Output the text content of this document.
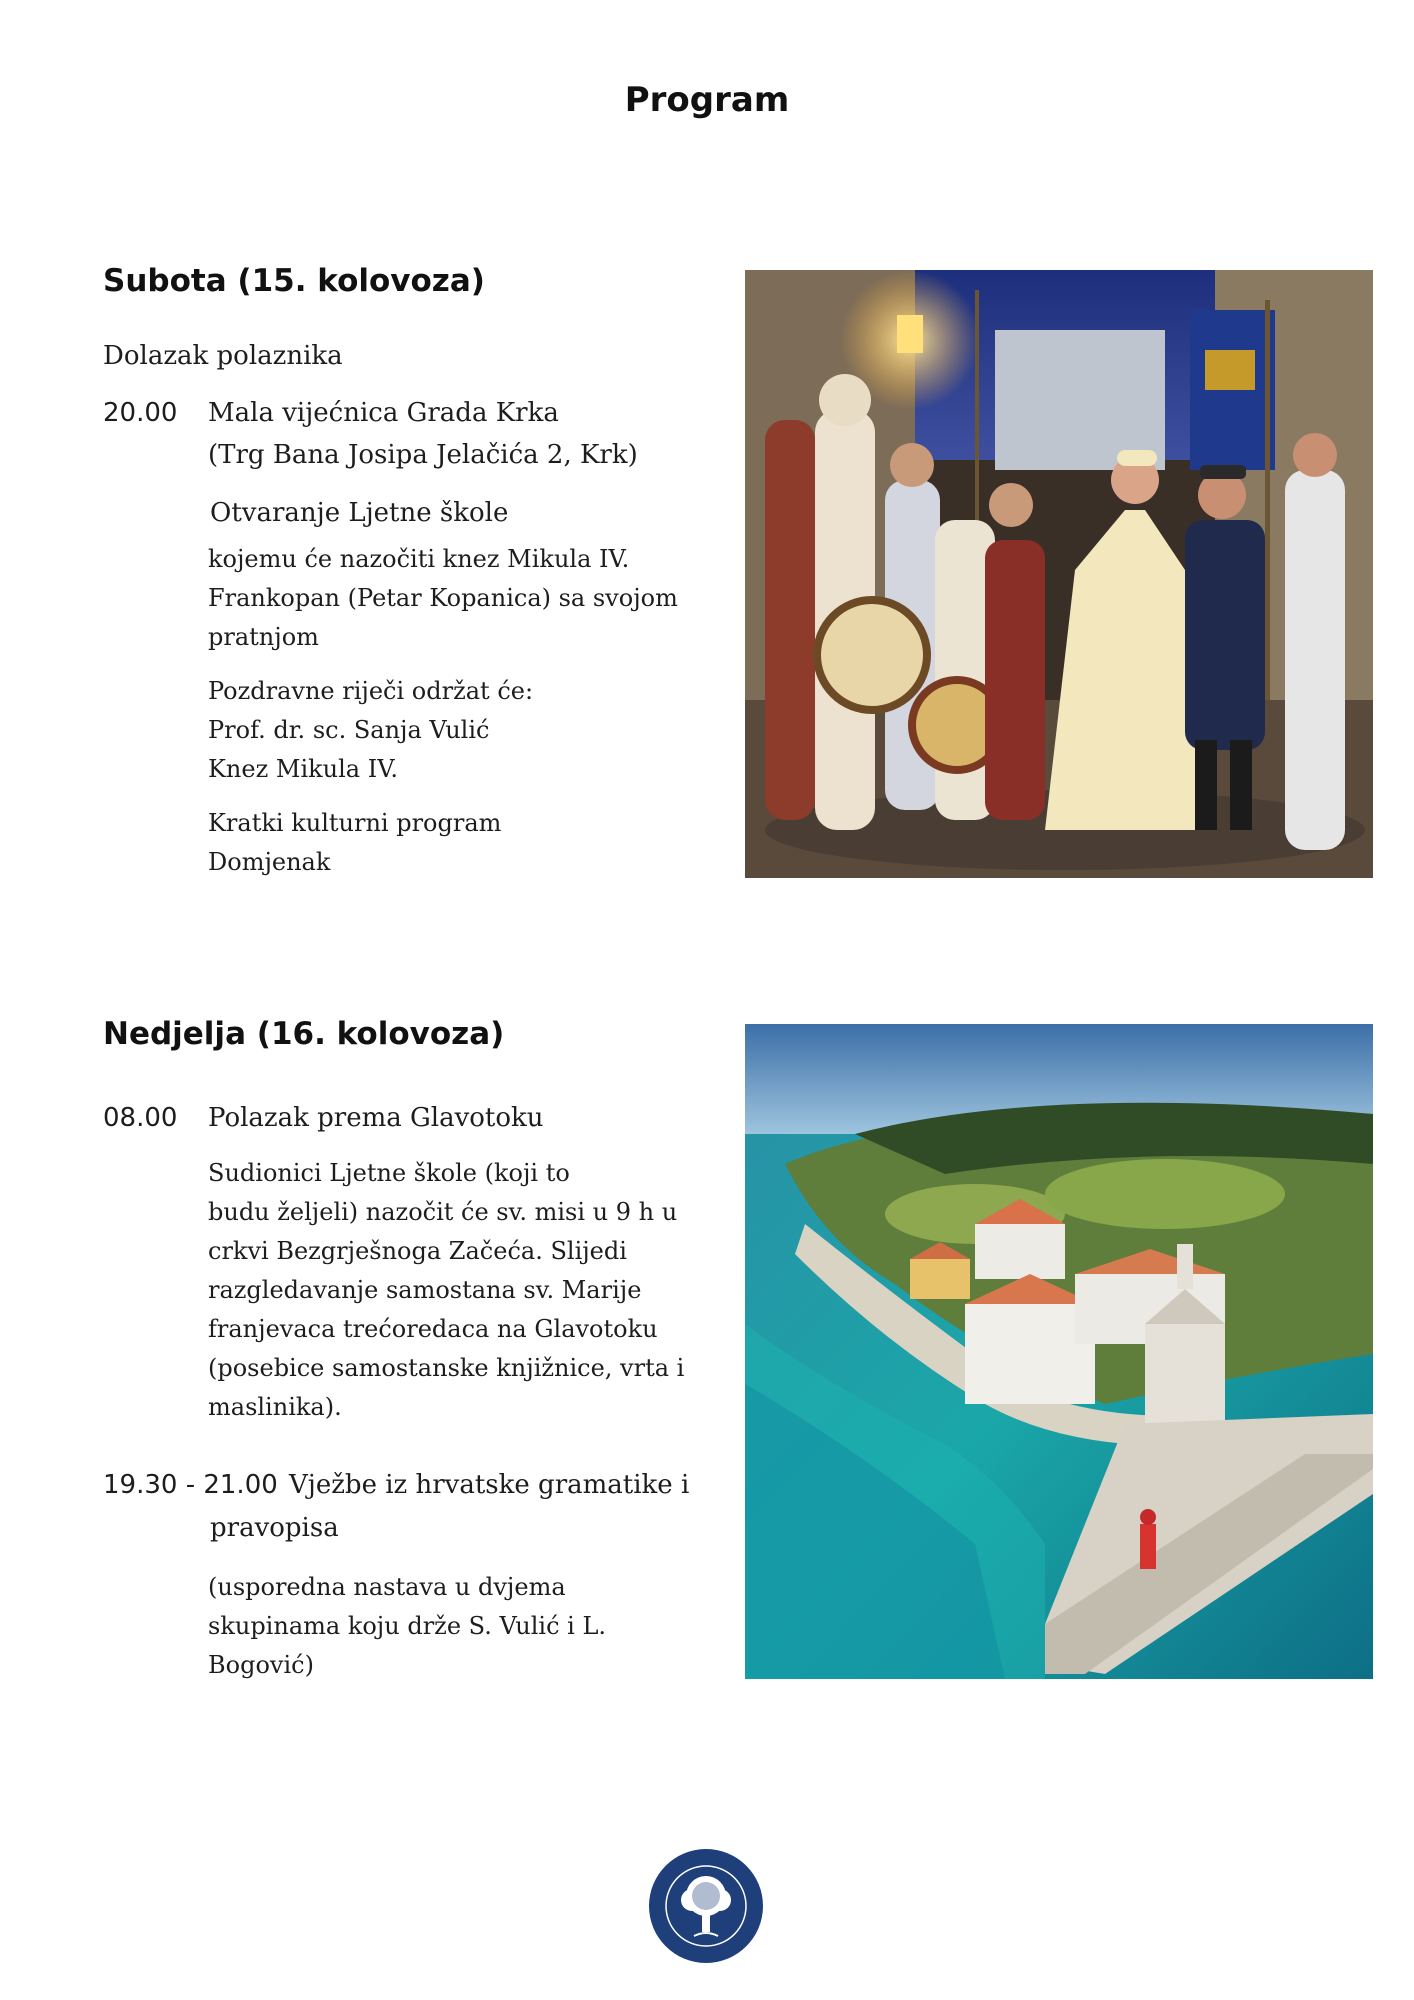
Program
Subota (15. kolovoza)
Dolazak polaznika
20.00 Mala vijećnica Grada Krka
(Trg Bana Josipa Jelačića 2, Krk)
Otvaranje Ljetne škole
kojemu će nazočiti knez Mikula IV.
Frankopan (Petar Kopanica) sa svojom
pratnjom
Pozdravne riječi održat će:
Prof. dr. sc. Sanja Vulić
Knez Mikula IV.
Kratki kulturni program
Domjenak
Nedjelja (16. kolovoza)
08.00 Polazak prema Glavotoku
Sudionici Ljetne škole (koji to
budu željeli) nazočit će sv. misi u 9 h u
crkvi Bezgrješnoga Začeća. Slijedi
razgledavanje samostana sv. Marije
franjevaca trećoredaca na Glavotoku
(posebice samostanske knjižnice, vrta i
maslinika).
19.30 - 21.00 Vježbe iz hrvatske gramatike i
pravopisa
(usporedna nastava u dvjema
skupinama koju drže S. Vulić i L.
Bogović)
